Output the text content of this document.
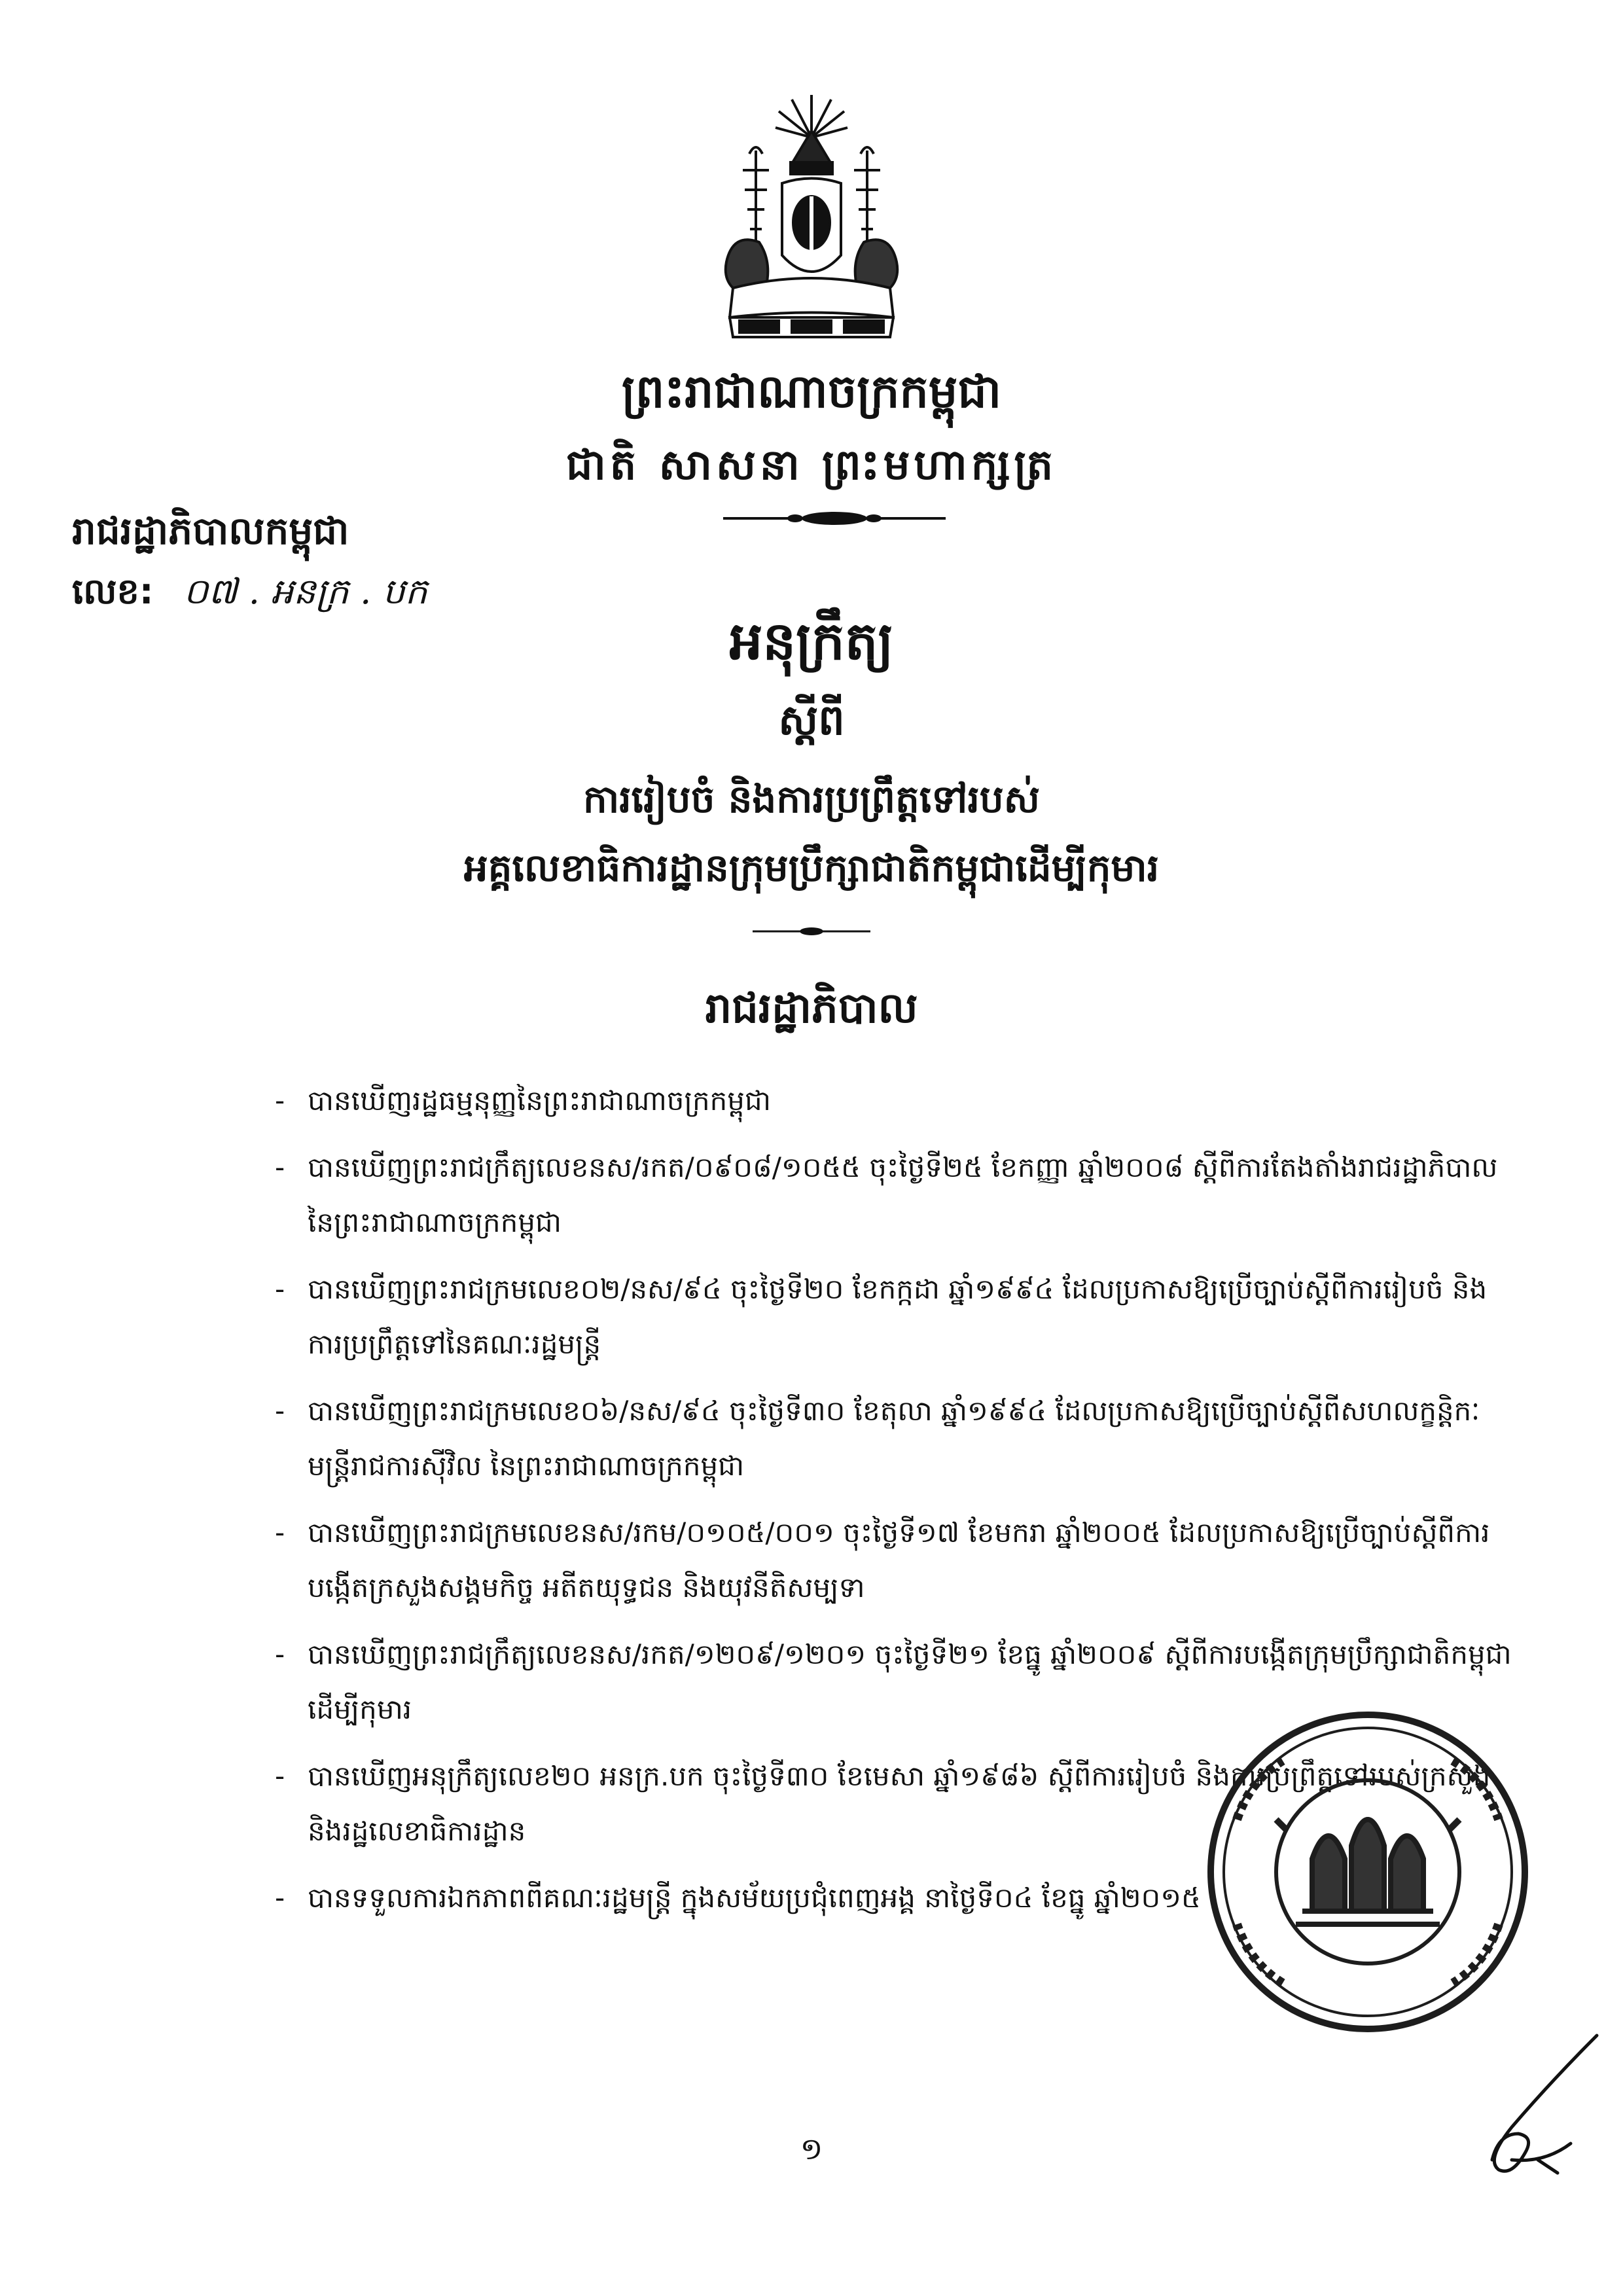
ព្រះរាជាណាចក្រកម្ពុជា
ជាតិ សាសនា ព្រះមហាក្សត្រ
រាជរដ្ឋាភិបាលកម្ពុជា
លេខ: ០៧ . អនក្រ . បក
អនុក្រឹត្យ
ស្តីពី
ការរៀបចំ និងការប្រព្រឹត្តទៅរបស់
អគ្គលេខាធិការដ្ឋានក្រុមប្រឹក្សាជាតិកម្ពុជាដើម្បីកុមារ
រាជរដ្ឋាភិបាល
- បានឃើញរដ្ឋធម្មនុញ្ញនៃព្រះរាជាណាចក្រកម្ពុជា
- បានឃើញព្រះរាជក្រឹត្យលេខនស/រកត/០៩០៨/១០៥៥ ចុះថ្ងៃទី២៥ ខែកញ្ញា ឆ្នាំ២០០៨ ស្តីពីការតែងតាំងរាជរដ្ឋាភិបាល នៃព្រះរាជាណាចក្រកម្ពុជា
- បានឃើញព្រះរាជក្រមលេខ០២/នស/៩៤ ចុះថ្ងៃទី២០ ខែកក្កដា ឆ្នាំ១៩៩៤ ដែលប្រកាសឱ្យប្រើច្បាប់ស្តីពីការរៀបចំ និងការប្រព្រឹត្តទៅនៃគណៈរដ្ឋមន្ត្រី
- បានឃើញព្រះរាជក្រមលេខ០៦/នស/៩៤ ចុះថ្ងៃទី៣០ ខែតុលា ឆ្នាំ១៩៩៤ ដែលប្រកាសឱ្យប្រើច្បាប់ស្តីពីសហលក្ខន្តិកៈមន្ត្រីរាជការស៊ីវិល នៃព្រះរាជាណាចក្រកម្ពុជា
- បានឃើញព្រះរាជក្រមលេខនស/រកម/០១០៥/០០១ ចុះថ្ងៃទី១៧ ខែមករា ឆ្នាំ២០០៥ ដែលប្រកាសឱ្យប្រើច្បាប់ស្តីពីការបង្កើតក្រសួងសង្គមកិច្ច អតីតយុទ្ធជន និងយុវនីតិសម្បទា
- បានឃើញព្រះរាជក្រឹត្យលេខនស/រកត/១២០៩/១២០១ ចុះថ្ងៃទី២១ ខែធ្នូ ឆ្នាំ២០០៩ ស្តីពីការបង្កើតក្រុមប្រឹក្សាជាតិកម្ពុជាដើម្បីកុមារ
- បានឃើញអនុក្រឹត្យលេខ២០ អនក្រ.បក ចុះថ្ងៃទី៣០ ខែមេសា ឆ្នាំ១៩៨៦ ស្តីពីការរៀបចំ និងការប្រព្រឹត្តទៅរបស់ក្រសួង និងរដ្ឋលេខាធិការដ្ឋាន
- បានទទួលការឯកភាពពីគណៈរដ្ឋមន្ត្រី ក្នុងសម័យប្រជុំពេញអង្គ នាថ្ងៃទី០៤ ខែធ្នូ ឆ្នាំ២០១៥
១
